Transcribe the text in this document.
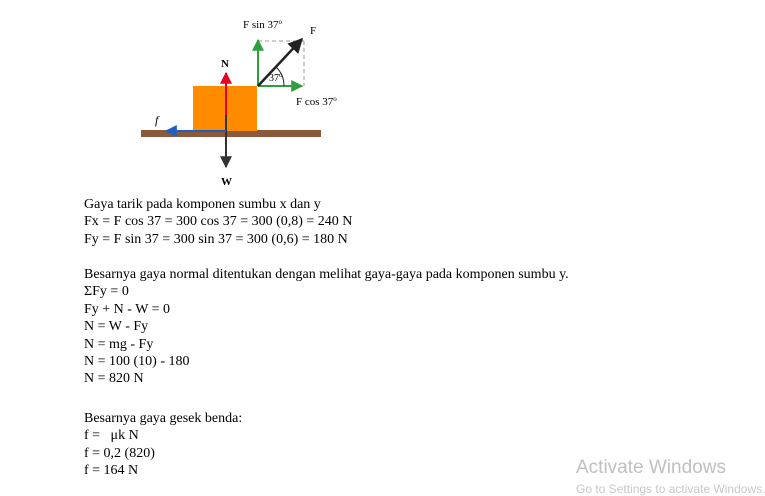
F sin 37$^o$
F
N
37$^o$
F cos 37$^o$
f
W
Gaya tarik pada komponen sumbu x dan y
Fx = F cos 37 = 300 cos 37 = 300 (0,8) = 240 N
Fy = F sin 37 = 300 sin 37 = 300 (0,6) = 180 N
Besarnya gaya normal ditentukan dengan melihat gaya-gaya pada komponen sumbu y.
ΣFy = 0
Fy + N - W = 0
N = W - Fy
N = mg - Fy
N = 100 (10) - 180
N = 820 N
Besarnya gaya gesek benda:
f =   μk N
f = 0,2 (820)
f = 164 N	Activate Windows
Go to Settings to activate Windows.
